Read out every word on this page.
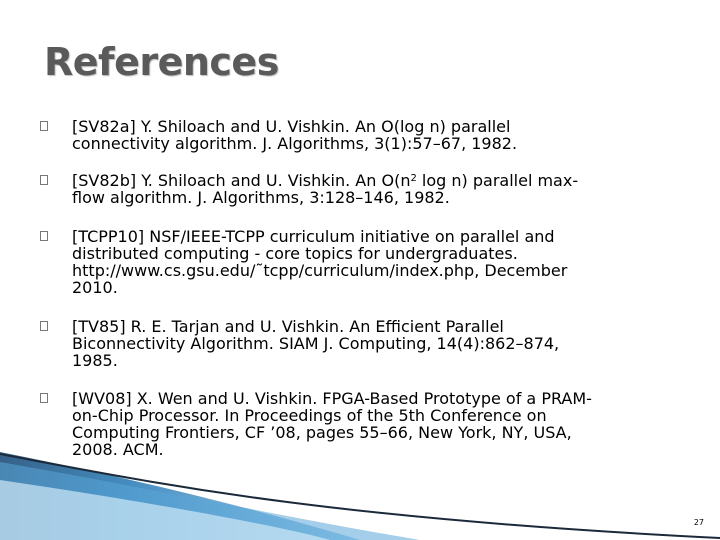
References

[SV82a] Y. Shiloach and U. Vishkin. An O(log n) parallel
connectivity algorithm. J. Algorithms, 3(1):57–67, 1982.

[SV82b] Y. Shiloach and U. Vishkin. An $O(n^2$ log n) parallel max-
flow algorithm. J. Algorithms, 3:128–146, 1982.

[TCPP10] NSF/IEEE-TCPP curriculum initiative on parallel and
distributed computing - core topics for undergraduates.
http://www.cs.gsu.edu/˜tcpp/curriculum/index.php, December
2010.

[TV85] R. E. Tarjan and U. Vishkin. An Efficient Parallel
Biconnectivity Algorithm. SIAM J. Computing, 14(4):862–874,
1985.

[WV08] X. Wen and U. Vishkin. FPGA-Based Prototype of a PRAM-
on-Chip Processor. In Proceedings of the 5th Conference on
Computing Frontiers, CF ’08, pages 55–66, New York, NY, USA,
2008. ACM.

27
